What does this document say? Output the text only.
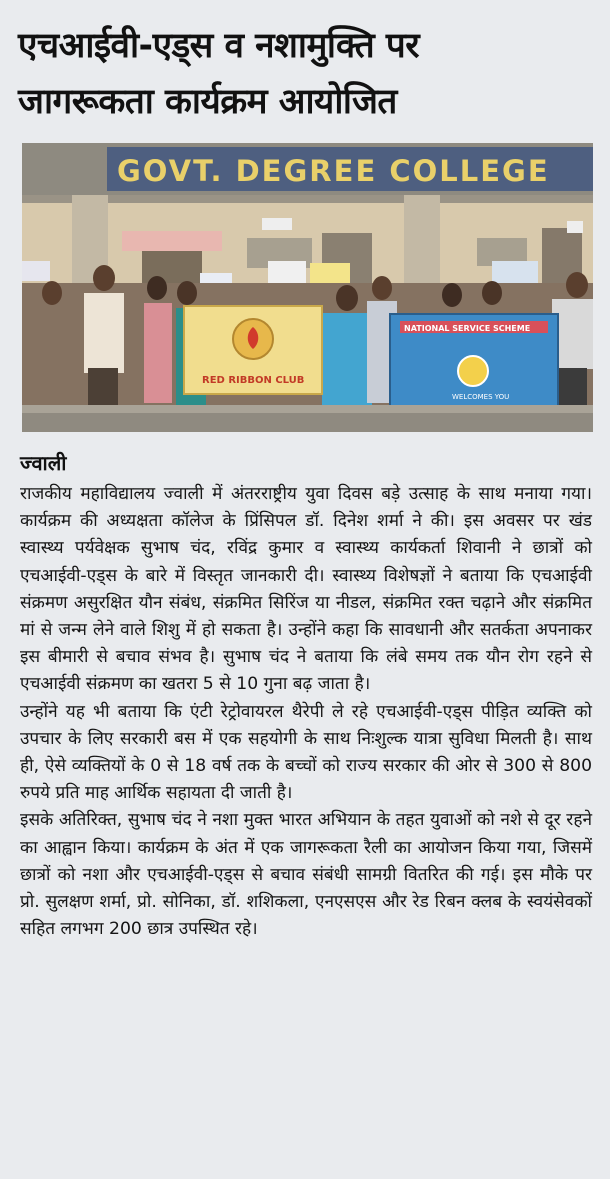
एचआईवी-एड्स व नशामुक्ति पर
जागरूकता कार्यक्रम आयोजित
GOVT. DEGREE COLLEGE
RED RIBBON CLUB
NATIONAL SERVICE SCHEME
WELCOMES YOU
ज्वाली

राजकीय महाविद्यालय ज्वाली में अंतरराष्ट्रीय युवा दिवस बड़े उत्साह के साथ मनाया गया। कार्यक्रम की अध्यक्षता कॉलेज के प्रिंसिपल डॉ. दिनेश शर्मा ने की। इस अवसर पर खंड स्वास्थ्य पर्यवेक्षक सुभाष चंद, रविंद्र कुमार व स्वास्थ्य कार्यकर्ता शिवानी ने छात्रों को एचआईवी-एड्स के बारे में विस्तृत जानकारी दी। स्वास्थ्य विशेषज्ञों ने बताया कि एचआईवी संक्रमण असुरक्षित यौन संबंध, संक्रमित सिरिंज या नीडल, संक्रमित रक्त चढ़ाने और संक्रमित मां से जन्म लेने वाले शिशु में हो सकता है। उन्होंने कहा कि सावधानी और सतर्कता अपनाकर इस बीमारी से बचाव संभव है। सुभाष चंद ने बताया कि लंबे समय तक यौन रोग रहने से एचआईवी संक्रमण का खतरा 5 से 10 गुना बढ़ जाता है।

उन्होंने यह भी बताया कि एंटी रेट्रोवायरल थैरेपी ले रहे एचआईवी-एड्स पीड़ित व्यक्ति को उपचार के लिए सरकारी बस में एक सहयोगी के साथ निःशुल्क यात्रा सुविधा मिलती है। साथ ही, ऐसे व्यक्तियों के 0 से 18 वर्ष तक के बच्चों को राज्य सरकार की ओर से 300 से 800 रुपये प्रति माह आर्थिक सहायता दी जाती है।

इसके अतिरिक्त, सुभाष चंद ने नशा मुक्त भारत अभियान के तहत युवाओं को नशे से दूर रहने का आह्वान किया। कार्यक्रम के अंत में एक जागरूकता रैली का आयोजन किया गया, जिसमें छात्रों को नशा और एचआईवी-एड्स से बचाव संबंधी सामग्री वितरित की गई। इस मौके पर प्रो. सुलक्षण शर्मा, प्रो. सोनिका, डॉ. शशिकला, एनएसएस और रेड रिबन क्लब के स्वयंसेवकों सहित लगभग 200 छात्र उपस्थित रहे।
